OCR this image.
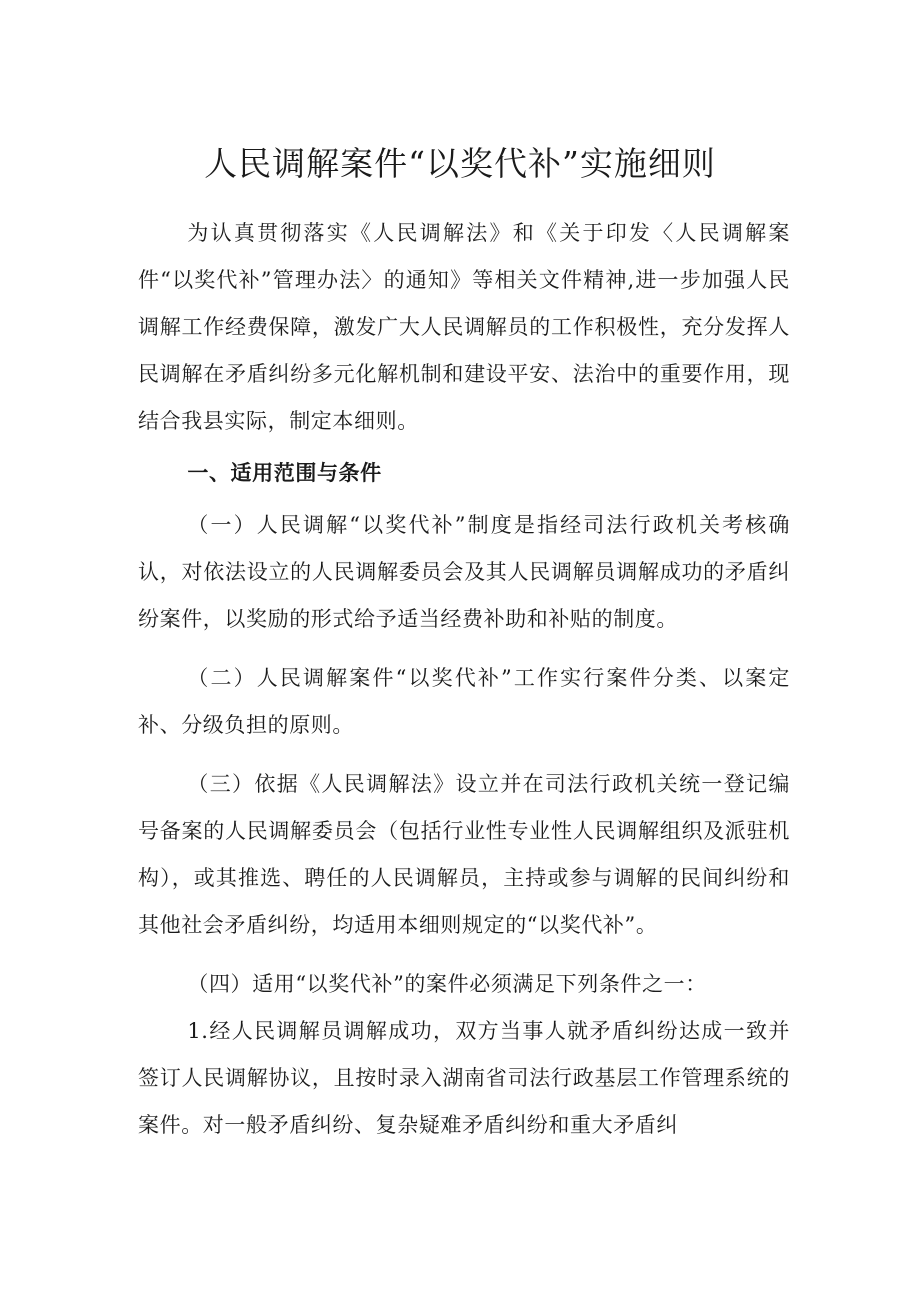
人民调解案件“以奖代补”实施细则

为认真贯彻落实《人民调解法》和《关于印发〈人民调解案件“以奖代补”管理办法〉的通知》等相关文件精神,进一步加强人民调解工作经费保障，激发广大人民调解员的工作积极性，充分发挥人民调解在矛盾纠纷多元化解机制和建设平安、法治中的重要作用，现结合我县实际，制定本细则。

一、适用范围与条件

（一）人民调解“以奖代补”制度是指经司法行政机关考核确认，对依法设立的人民调解委员会及其人民调解员调解成功的矛盾纠纷案件，以奖励的形式给予适当经费补助和补贴的制度。

（二）人民调解案件“以奖代补”工作实行案件分类、以案定补、分级负担的原则。

（三）依据《人民调解法》设立并在司法行政机关统一登记编号备案的人民调解委员会（包括行业性专业性人民调解组织及派驻机构），或其推选、聘任的人民调解员，主持或参与调解的民间纠纷和其他社会矛盾纠纷，均适用本细则规定的“以奖代补”。

（四）适用“以奖代补”的案件必须满足下列条件之一：

1.经人民调解员调解成功，双方当事人就矛盾纠纷达成一致并签订人民调解协议，且按时录入湖南省司法行政基层工作管理系统的案件。对一般矛盾纠纷、复杂疑难矛盾纠纷和重大矛盾纠
